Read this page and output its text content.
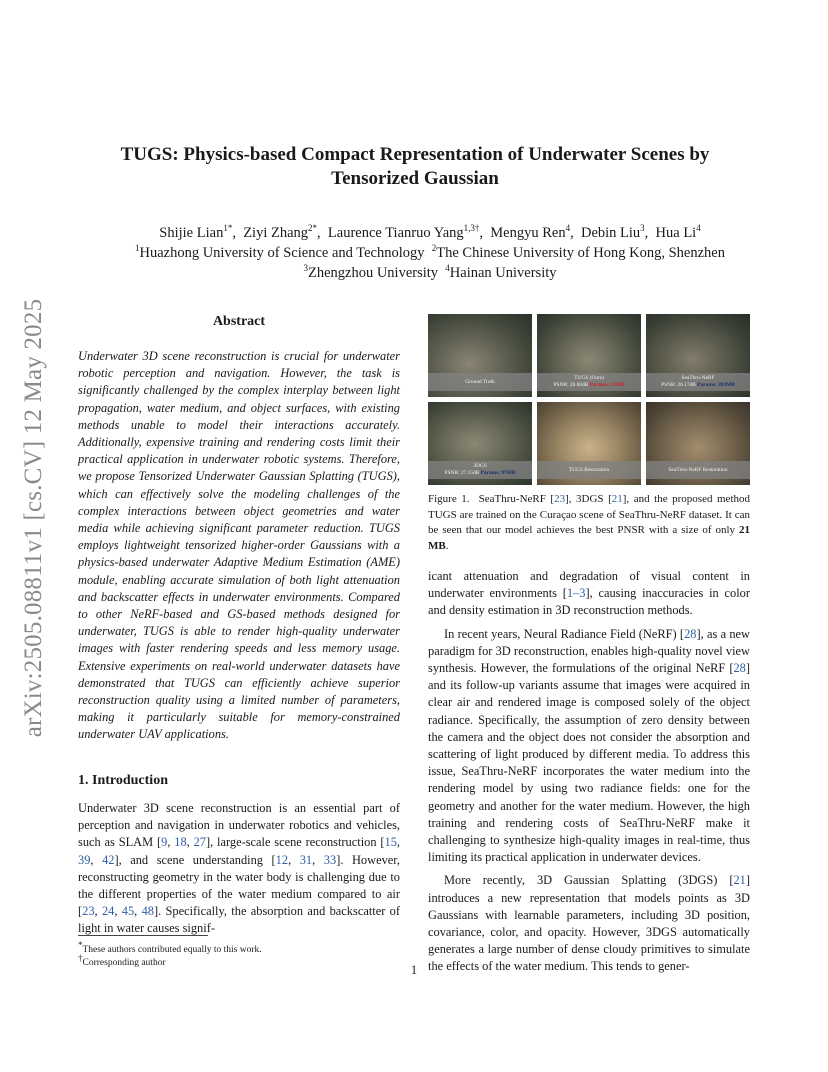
arXiv:2505.08811v1 [cs.CV] 12 May 2025
TUGS: Physics-based Compact Representation of Underwater Scenes by
Tensorized Gaussian
Shijie Lian$^{1*}$,  Ziyi Zhang$^{2*}$,  Laurence Tianruo Yang$^{1,3\dagger}$,  Mengyu Ren$^4$,  Debin Liu$^3$,  Hua Li$^4$
$^1$Huazhong University of Science and Technology $^2$The Chinese University of Hong Kong, Shenzhen
$^3$Zhengzhou University $^4$Hainan University
Abstract

Underwater 3D scene reconstruction is crucial for underwater robotic perception and navigation. However, the task is significantly challenged by the complex interplay between light propagation, water medium, and object surfaces, with existing methods unable to model their interactions accurately. Additionally, expensive training and rendering costs limit their practical application in underwater robotic systems. Therefore, we propose Tensorized Underwater Gaussian Splatting (TUGS), which can effectively solve the modeling challenges of the complex interactions between object geometries and water media while achieving significant parameter reduction. TUGS employs lightweight tensorized higher-order Gaussians with a physics-based underwater Adaptive Medium Estimation (AME) module, enabling accurate simulation of both light attenuation and backscatter effects in underwater environments. Compared to other NeRF-based and GS-based methods designed for underwater, TUGS is able to render high-quality underwater images with faster rendering speeds and less memory usage. Extensive experiments on real-world underwater datasets have demonstrated that TUGS can efficiently achieve superior reconstruction quality using a limited number of parameters, making it particularly suitable for memory-constrained underwater UAV applications.

1. Introduction

Underwater 3D scene reconstruction is an essential part of perception and navigation in underwater robotics and vehicles, such as SLAM [9, 18, 27], large-scale scene reconstruction [15, 39, 42], and scene understanding [12, 31, 33]. However, reconstructing geometry in the water body is challenging due to the different properties of the water medium compared to air [23, 24, 45, 48]. Specifically, the absorption and backscatter of light in water causes signif-

*These authors contributed equally to this work.
†Corresponding author
Ground Truth
TUGS (Ours)
PSNR: 28.60dB Params: 21MB
SeaThru-NeRF
PSNR: 26.17dB Params: 383MB
3DGS
PSNR: 27.15dB Params: 97MB
TUGS Restoration	SeaThru-NeRF Restoration

Figure 1. SeaThru-NeRF [23], 3DGS [21], and the proposed method TUGS are trained on the Curaçao scene of SeaThru-NeRF dataset. It can be seen that our model achieves the best PNSR with a size of only 21 MB.

icant attenuation and degradation of visual content in underwater environments [1–3], causing inaccuracies in color and density estimation in 3D reconstruction methods.

In recent years, Neural Radiance Field (NeRF) [28], as a new paradigm for 3D reconstruction, enables high-quality novel view synthesis. However, the formulations of the original NeRF [28] and its follow-up variants assume that images were acquired in clear air and rendered image is composed solely of the object radiance. Specifically, the assumption of zero density between the camera and the object does not consider the absorption and scattering of light produced by different media. To address this issue, SeaThru-NeRF incorporates the water medium into the rendering model by using two radiance fields: one for the geometry and another for the water medium. However, the high training and rendering costs of SeaThru-NeRF make it challenging to synthesize high-quality images in real-time, thus limiting its practical application in underwater devices.

More recently, 3D Gaussian Splatting (3DGS) [21] introduces a new representation that models points as 3D Gaussians with learnable parameters, including 3D position, covariance, color, and opacity. However, 3DGS automatically generates a large number of dense cloudy primitives to simulate the effects of the water medium. This tends to gener-

1
